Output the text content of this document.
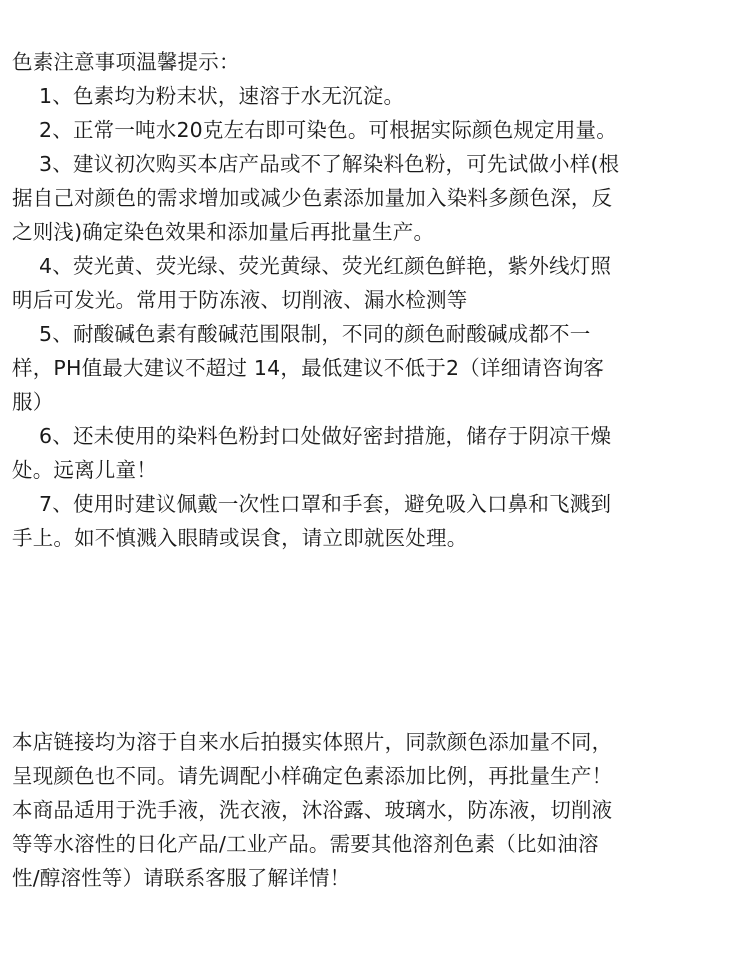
色素注意事项温馨提示：
1、色素均为粉末状，速溶于水无沉淀。
2、正常一吨水20克左右即可染色。可根据实际颜色规定用量。
3、建议初次购买本店产品或不了解染料色粉，可先试做小样(根
据自己对颜色的需求增加或减少色素添加量加入染料多颜色深，反
之则浅)确定染色效果和添加量后再批量生产。
4、荧光黄、荧光绿、荧光黄绿、荧光红颜色鲜艳，紫外线灯照
明后可发光。常用于防冻液、切削液、漏水检测等
5、耐酸碱色素有酸碱范围限制，不同的颜色耐酸碱成都不一
样，PH值最大建议不超过 14，最低建议不低于2（详细请咨询客
服）
6、还未使用的染料色粉封口处做好密封措施，储存于阴凉干燥
处。远离儿童！
7、使用时建议佩戴一次性口罩和手套，避免吸入口鼻和飞溅到
手上。如不慎溅入眼睛或误食，请立即就医处理。
本店链接均为溶于自来水后拍摄实体照片，同款颜色添加量不同，
呈现颜色也不同。请先调配小样确定色素添加比例，再批量生产！
本商品适用于洗手液，洗衣液，沐浴露、玻璃水，防冻液，切削液
等等水溶性的日化产品/工业产品。需要其他溶剂色素（比如油溶
性/醇溶性等）请联系客服了解详情！
